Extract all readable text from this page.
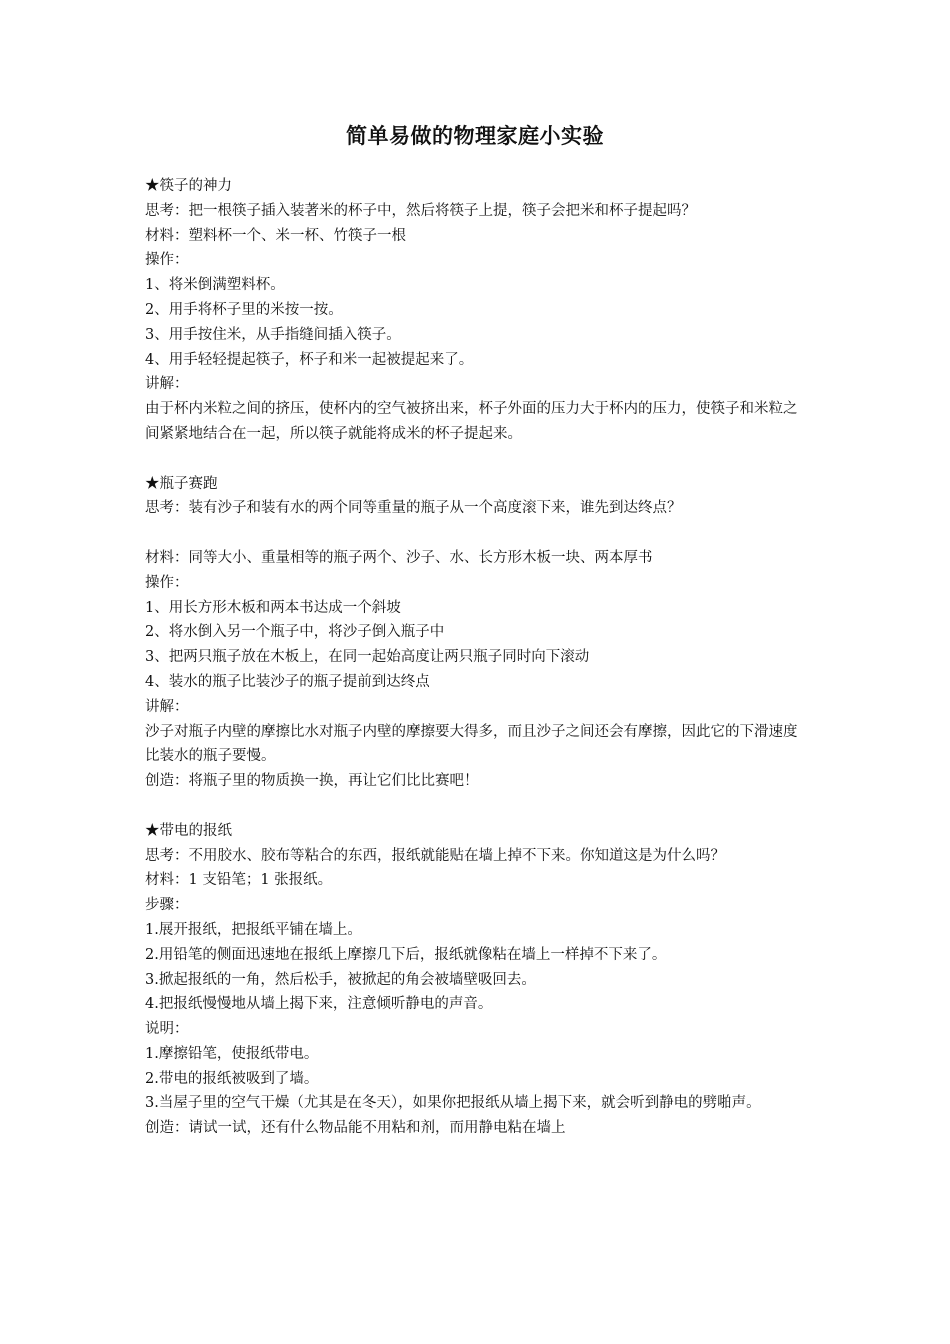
简单易做的物理家庭小实验
★筷子的神力
思考：把一根筷子插入装著米的杯子中，然后将筷子上提，筷子会把米和杯子提起吗？
材料：塑料杯一个、米一杯、竹筷子一根
操作：
1、将米倒满塑料杯。
2、用手将杯子里的米按一按。
3、用手按住米，从手指缝间插入筷子。
4、用手轻轻提起筷子，杯子和米一起被提起来了。
讲解：
由于杯内米粒之间的挤压，使杯内的空气被挤出来，杯子外面的压力大于杯内的压力，使筷子和米粒之间紧紧地结合在一起，所以筷子就能将成米的杯子提起来。
★瓶子赛跑
思考：装有沙子和装有水的两个同等重量的瓶子从一个高度滚下来，谁先到达终点？
材料：同等大小、重量相等的瓶子两个、沙子、水、长方形木板一块、两本厚书
操作：
1、用长方形木板和两本书达成一个斜坡
2、将水倒入另一个瓶子中，将沙子倒入瓶子中
3、把两只瓶子放在木板上，在同一起始高度让两只瓶子同时向下滚动
4、装水的瓶子比装沙子的瓶子提前到达终点
讲解：
沙子对瓶子内壁的摩擦比水对瓶子内壁的摩擦要大得多，而且沙子之间还会有摩擦，因此它的下滑速度比装水的瓶子要慢。
创造：将瓶子里的物质换一换，再让它们比比赛吧！
★带电的报纸
思考：不用胶水、胶布等粘合的东西，报纸就能贴在墙上掉不下来。你知道这是为什么吗？
材料：1 支铅笔；1 张报纸。
步骤：
1.展开报纸，把报纸平铺在墙上。
2.用铅笔的侧面迅速地在报纸上摩擦几下后，报纸就像粘在墙上一样掉不下来了。
3.掀起报纸的一角，然后松手，被掀起的角会被墙壁吸回去。
4.把报纸慢慢地从墙上揭下来，注意倾听静电的声音。
说明：
1.摩擦铅笔，使报纸带电。
2.带电的报纸被吸到了墙。
3.当屋子里的空气干燥（尤其是在冬天），如果你把报纸从墙上揭下来，就会听到静电的劈啪声。
创造：请试一试，还有什么物品能不用粘和剂，而用静电粘在墙上
